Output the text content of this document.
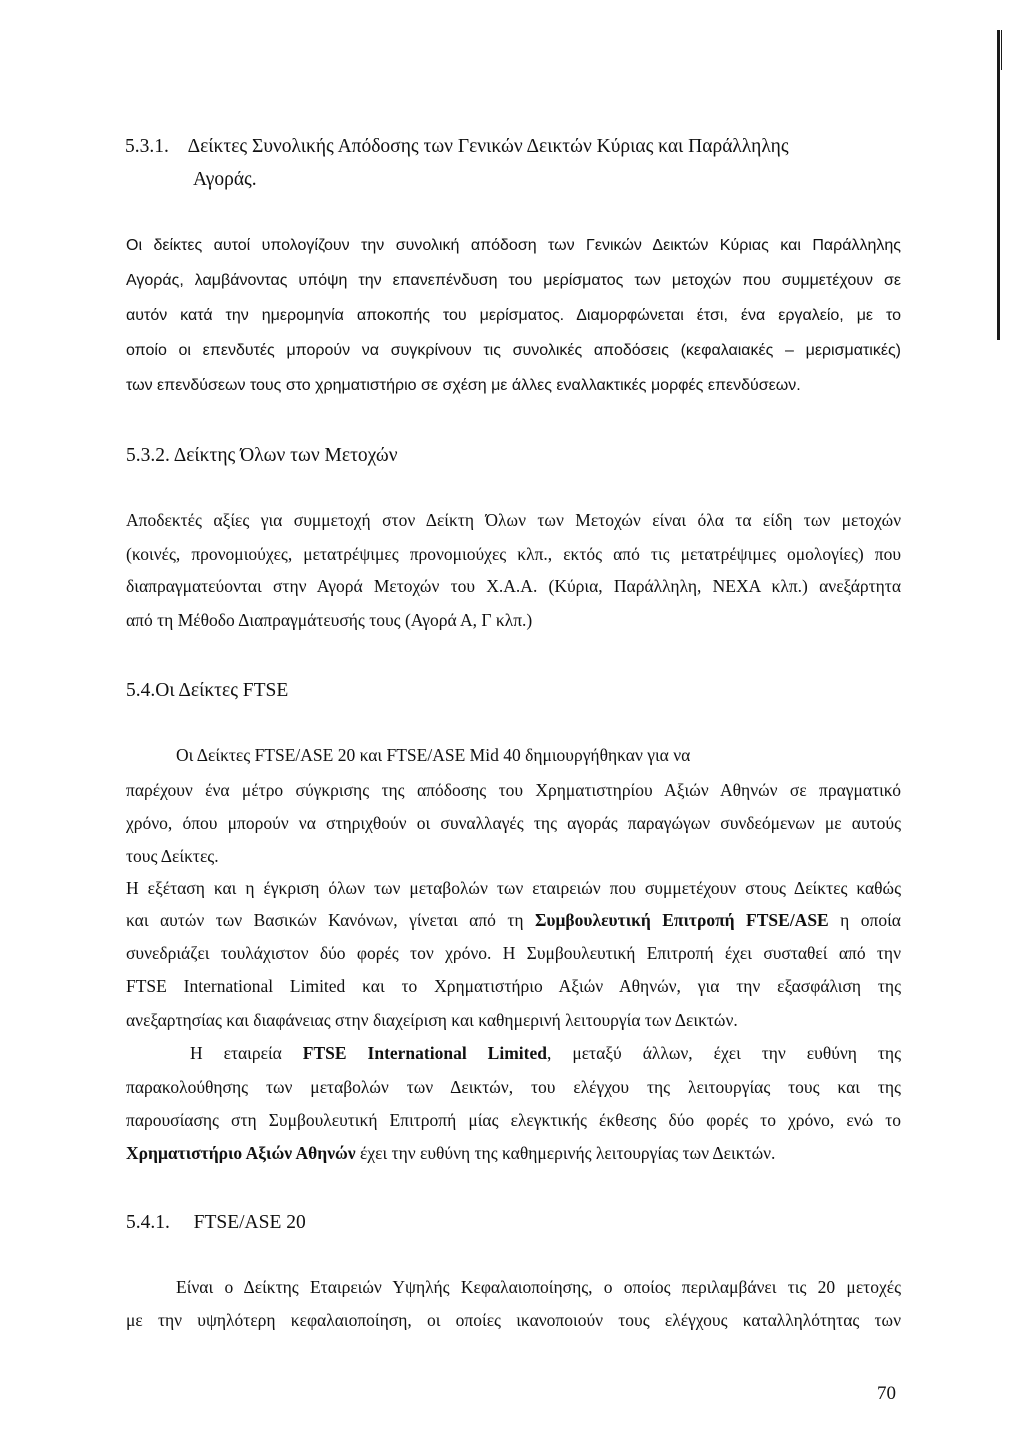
5.3.1. Δείκτες Συνολικής Απόδοσης των Γενικών Δεικτών Κύριας και Παράλληλης
Αγοράς.
Οι δείκτες αυτοί υπολογίζουν την συνολική απόδοση των Γενικών Δεικτών Κύριας και Παράλληλης
Αγοράς, λαμβάνοντας υπόψη την επανεπένδυση του μερίσματος των μετοχών που συμμετέχουν σε
αυτόν κατά την ημερομηνία αποκοπής του μερίσματος. Διαμορφώνεται έτσι, ένα εργαλείο, με το
οποίο οι επενδυτές μπορούν να συγκρίνουν τις συνολικές αποδόσεις (κεφαλαιακές – μερισματικές)
των επενδύσεων τους στο χρηματιστήριο σε σχέση με άλλες εναλλακτικές μορφές επενδύσεων.
5.3.2. Δείκτης Όλων των Μετοχών
Αποδεκτές αξίες για συμμετοχή στον Δείκτη Όλων των Μετοχών είναι όλα τα είδη των μετοχών
(κοινές, προνομιούχες, μετατρέψιμες προνομιούχες κλπ., εκτός από τις μετατρέψιμες ομολογίες) που
διαπραγματεύονται στην Αγορά Μετοχών του Χ.Α.Α. (Κύρια, Παράλληλη, ΝΕΧΑ κλπ.) ανεξάρτητα
από τη Μέθοδο Διαπραγμάτευσής τους (Αγορά Α, Γ κλπ.)
5.4.Οι Δείκτες FTSE
Οι Δείκτες FTSE/ASE 20 και FTSE/ASE Mid 40 δημιουργήθηκαν για να
παρέχουν ένα μέτρο σύγκρισης της απόδοσης του Χρηματιστηρίου Αξιών Αθηνών σε πραγματικό
χρόνο, όπου μπορούν να στηριχθούν οι συναλλαγές της αγοράς παραγώγων συνδεόμενων με αυτούς
τους Δείκτες.
Η εξέταση και η έγκριση όλων των μεταβολών των εταιρειών που συμμετέχουν στους Δείκτες καθώς
και αυτών των Βασικών Κανόνων, γίνεται από τη Συμβουλευτική Επιτροπή FTSE/ASE η οποία
συνεδριάζει τουλάχιστον δύο φορές τον χρόνο. Η Συμβουλευτική Επιτροπή έχει συσταθεί από την
FTSE International Limited και το Χρηματιστήριο Αξιών Αθηνών, για την εξασφάλιση της
ανεξαρτησίας και διαφάνειας στην διαχείριση και καθημερινή λειτουργία των Δεικτών.
Η εταιρεία FTSE International Limited, μεταξύ άλλων, έχει την ευθύνη της
παρακολούθησης των μεταβολών των Δεικτών, του ελέγχου της λειτουργίας τους και της
παρουσίασης στη Συμβουλευτική Επιτροπή μίας ελεγκτικής έκθεσης δύο φορές το χρόνο, ενώ το
Χρηματιστήριο Αξιών Αθηνών έχει την ευθύνη της καθημερινής λειτουργίας των Δεικτών.
5.4.1. FTSE/ASE 20
Είναι ο Δείκτης Εταιρειών Υψηλής Κεφαλαιοποίησης, ο οποίος περιλαμβάνει τις 20 μετοχές
με την υψηλότερη κεφαλαιοποίηση, οι οποίες ικανοποιούν τους ελέγχους καταλληλότητας των
70
